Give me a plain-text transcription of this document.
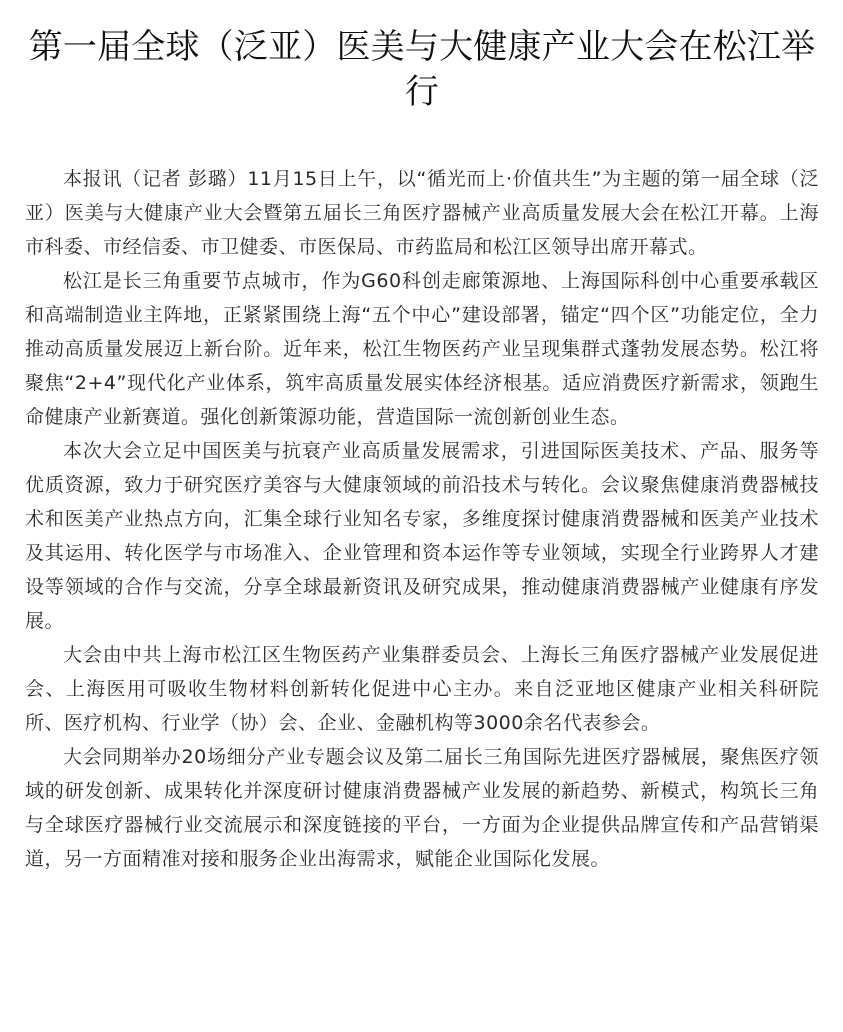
第一届全球（泛亚）医美与大健康产业大会在松江举行

本报讯（记者 彭璐）11月15日上午，以“循光而上·价值共生”为主题的第一届全球（泛亚）医美与大健康产业大会暨第五届长三角医疗器械产业高质量发展大会在松江开幕。上海市科委、市经信委、市卫健委、市医保局、市药监局和松江区领导出席开幕式。

松江是长三角重要节点城市，作为G60科创走廊策源地、上海国际科创中心重要承载区和高端制造业主阵地，正紧紧围绕上海“五个中心”建设部署，锚定“四个区”功能定位，全力推动高质量发展迈上新台阶。近年来，松江生物医药产业呈现集群式蓬勃发展态势。松江将聚焦“2+4”现代化产业体系，筑牢高质量发展实体经济根基。适应消费医疗新需求，领跑生命健康产业新赛道。强化创新策源功能，营造国际一流创新创业生态。

本次大会立足中国医美与抗衰产业高质量发展需求，引进国际医美技术、产品、服务等优质资源，致力于研究医疗美容与大健康领域的前沿技术与转化。会议聚焦健康消费器械技术和医美产业热点方向，汇集全球行业知名专家，多维度探讨健康消费器械和医美产业技术及其运用、转化医学与市场准入、企业管理和资本运作等专业领域，实现全行业跨界人才建设等领域的合作与交流，分享全球最新资讯及研究成果，推动健康消费器械产业健康有序发展。

大会由中共上海市松江区生物医药产业集群委员会、上海长三角医疗器械产业发展促进会、上海医用可吸收生物材料创新转化促进中心主办。来自泛亚地区健康产业相关科研院所、医疗机构、行业学（协）会、企业、金融机构等3000余名代表参会。

大会同期举办20场细分产业专题会议及第二届长三角国际先进医疗器械展，聚焦医疗领域的研发创新、成果转化并深度研讨健康消费器械产业发展的新趋势、新模式，构筑长三角与全球医疗器械行业交流展示和深度链接的平台，一方面为企业提供品牌宣传和产品营销渠道，另一方面精准对接和服务企业出海需求，赋能企业国际化发展。
